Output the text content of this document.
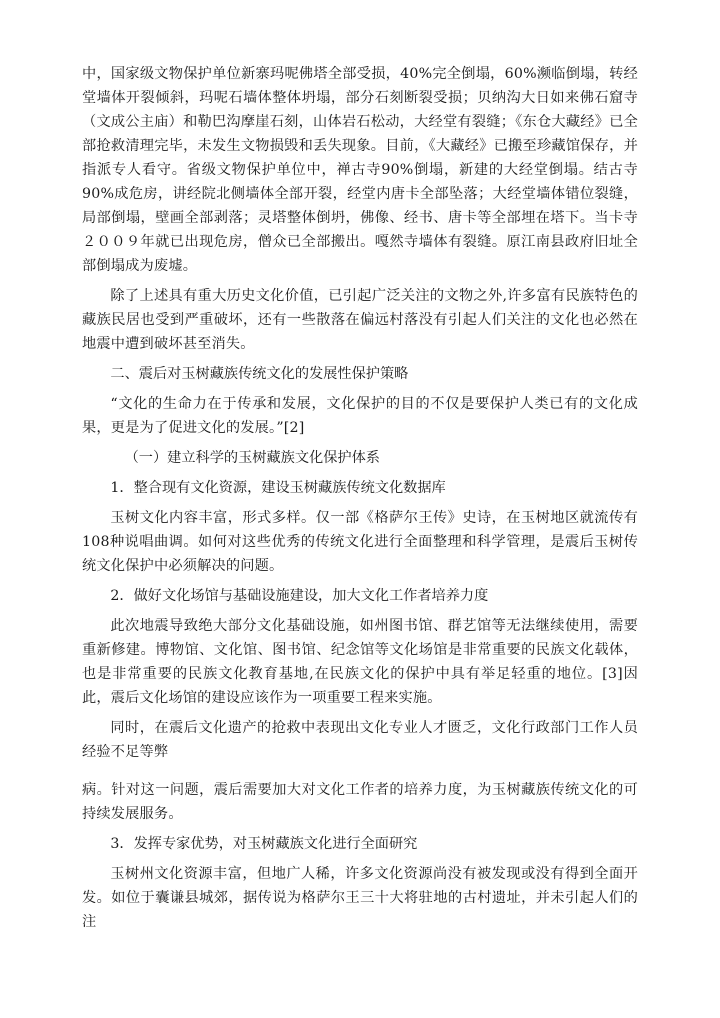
中，国家级文物保护单位新寨玛呢佛塔全部受损，40%完全倒塌，60%濒临倒塌，转经堂墙体开裂倾斜，玛呢石墙体整体坍塌，部分石刻断裂受损；贝纳沟大日如来佛石窟寺（文成公主庙）和勒巴沟摩崖石刻，山体岩石松动，大经堂有裂缝；《东仓大藏经》已全部抢救清理完毕，未发生文物损毁和丢失现象。目前，《大藏经》已搬至珍藏馆保存，并指派专人看守。省级文物保护单位中，禅古寺90%倒塌，新建的大经堂倒塌。结古寺90%成危房，讲经院北侧墙体全部开裂，经堂内唐卡全部坠落；大经堂墙体错位裂缝，局部倒塌，壁画全部剥落；灵塔整体倒坍，佛像、经书、唐卡等全部埋在塔下。当卡寺２００９年就已出现危房，僧众已全部搬出。嘎然寺墙体有裂缝。原江南县政府旧址全部倒塌成为废墟。

除了上述具有重大历史文化价值，已引起广泛关注的文物之外,许多富有民族特色的藏族民居也受到严重破坏，还有一些散落在偏远村落没有引起人们关注的文化也必然在地震中遭到破坏甚至消失。

二、震后对玉树藏族传统文化的发展性保护策略

“文化的生命力在于传承和发展，文化保护的目的不仅是要保护人类已有的文化成果，更是为了促进文化的发展。”[2]

（一）建立科学的玉树藏族文化保护体系

1．整合现有文化资源，建设玉树藏族传统文化数据库

玉树文化内容丰富，形式多样。仅一部《格萨尔王传》史诗，在玉树地区就流传有108种说唱曲调。如何对这些优秀的传统文化进行全面整理和科学管理，是震后玉树传统文化保护中必须解决的问题。

2．做好文化场馆与基础设施建设，加大文化工作者培养力度

此次地震导致绝大部分文化基础设施，如州图书馆、群艺馆等无法继续使用，需要重新修建。博物馆、文化馆、图书馆、纪念馆等文化场馆是非常重要的民族文化载体，也是非常重要的民族文化教育基地,在民族文化的保护中具有举足轻重的地位。[3]因此，震后文化场馆的建设应该作为一项重要工程来实施。

同时，在震后文化遗产的抢救中表现出文化专业人才匮乏，文化行政部门工作人员经验不足等弊

病。针对这一问题，震后需要加大对文化工作者的培养力度，为玉树藏族传统文化的可持续发展服务。

3．发挥专家优势，对玉树藏族文化进行全面研究

玉树州文化资源丰富，但地广人稀，许多文化资源尚没有被发现或没有得到全面开发。如位于囊谦县城郊，据传说为格萨尔王三十大将驻地的古村遗址，并未引起人们的注
